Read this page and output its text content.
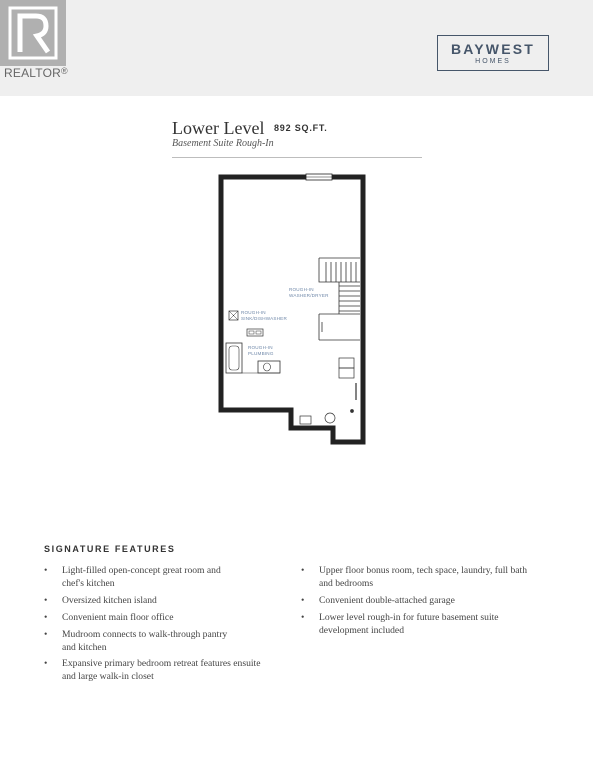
REALTOR®
BAYWEST
HOMES
Lower Level 892 SQ.FT.
Basement Suite Rough-In
ROUGH-IN
WASHER/DRYER
ROUGH-IN
SINK/DISHWASHER
ROUGH-IN
PLUMBING
SIGNATURE FEATURES
• Light-filled open-concept great room and
chef's kitchen
• Oversized kitchen island
• Convenient main floor office
• Mudroom connects to walk-through pantry
and kitchen
• Expansive primary bedroom retreat features ensuite
and large walk-in closet
• Upper floor bonus room, tech space, laundry, full bath
and bedrooms
• Convenient double-attached garage
• Lower level rough-in for future basement suite
development included
